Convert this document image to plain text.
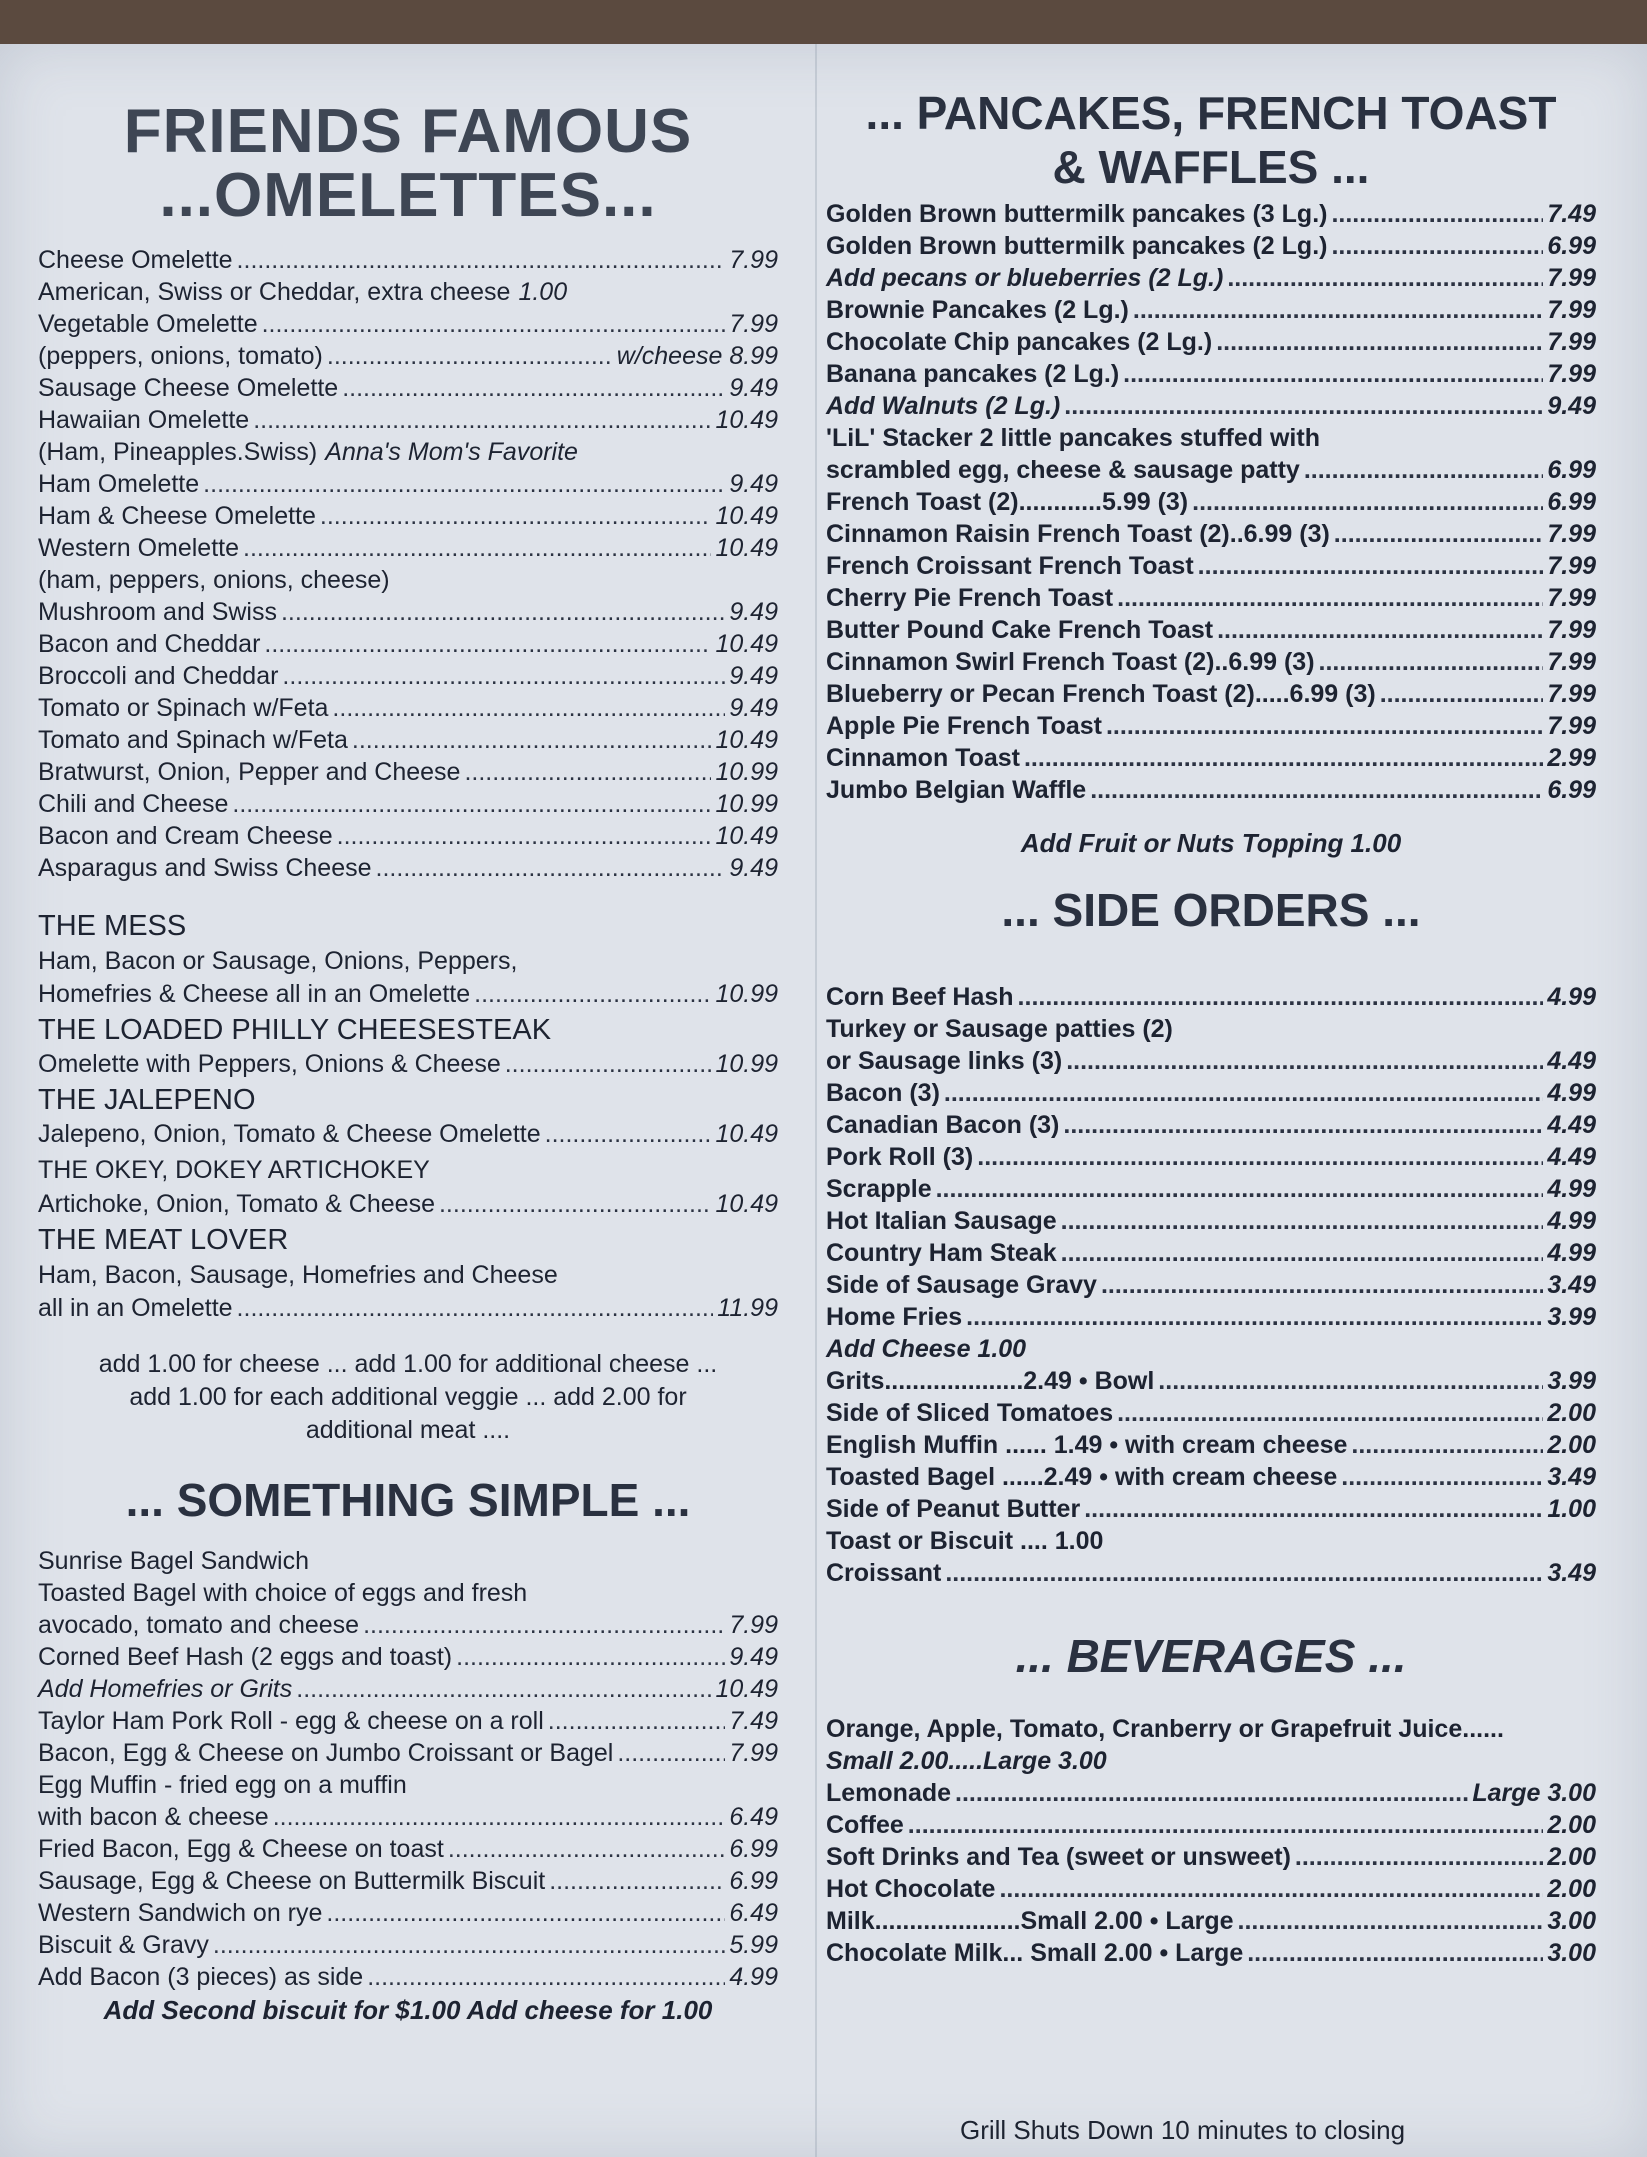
FRIENDS FAMOUS
...OMELETTES...
Cheese Omelette .....	7.99
American, Swiss or Cheddar, extra cheese 1.00
Vegetable Omelette .....	7.99
(peppers, onions, tomato) .....	w/cheese 8.99
Sausage Cheese Omelette .....	9.49
Hawaiian Omelette .....	10.49
(Ham, Pineapples.Swiss) Anna's Mom's Favorite
Ham Omelette .....	9.49
Ham & Cheese Omelette .....	10.49
Western Omelette .....	10.49
(ham, peppers, onions, cheese)
Mushroom and Swiss .....	9.49
Bacon and Cheddar .....	10.49
Broccoli and Cheddar .....	9.49
Tomato or Spinach w/Feta .....	9.49
Tomato and Spinach w/Feta .....	10.49
Bratwurst, Onion, Pepper and Cheese .....	10.99
Chili and Cheese .....	10.99
Bacon and Cream Cheese .....	10.49
Asparagus and Swiss Cheese .....	9.49
THE MESS
Ham, Bacon or Sausage, Onions, Peppers,
Homefries & Cheese all in an Omelette .....	10.99
THE LOADED PHILLY CHEESESTEAK
Omelette with Peppers, Onions & Cheese .....	10.99
THE JALEPENO
Jalepeno, Onion, Tomato & Cheese Omelette .....	10.49
THE OKEY, DOKEY ARTICHOKEY
Artichoke, Onion, Tomato & Cheese .....	10.49
THE MEAT LOVER
Ham, Bacon, Sausage, Homefries and Cheese
all in an Omelette .....	11.99
add 1.00 for cheese ... add 1.00 for additional cheese ...
add 1.00 for each additional veggie ... add 2.00 for
additional meat ....
... SOMETHING SIMPLE ...
Sunrise Bagel Sandwich
Toasted Bagel with choice of eggs and fresh
avocado, tomato and cheese .....	7.99
Corned Beef Hash (2 eggs and toast) .....	9.49
Add Homefries or Grits .....	10.49
Taylor Ham Pork Roll - egg & cheese on a roll .....	7.49
Bacon, Egg & Cheese on Jumbo Croissant or Bagel .....	7.99
Egg Muffin - fried egg on a muffin
with bacon & cheese .....	6.49
Fried Bacon, Egg & Cheese on toast .....	6.99
Sausage, Egg & Cheese on Buttermilk Biscuit .....	6.99
Western Sandwich on rye .....	6.49
Biscuit & Gravy .....	5.99
Add Bacon (3 pieces) as side .....	4.99
Add Second biscuit for $1.00 Add cheese for 1.00
... PANCAKES, FRENCH TOAST
& WAFFLES ...
Golden Brown buttermilk pancakes (3 Lg.) .....	7.49
Golden Brown buttermilk pancakes (2 Lg.) .....	6.99
Add pecans or blueberries (2 Lg.) .....	7.99
Brownie Pancakes (2 Lg.) .....	7.99
Chocolate Chip pancakes (2 Lg.) .....	7.99
Banana pancakes (2 Lg.) .....	7.99
Add Walnuts (2 Lg.) .....	9.49
'LiL' Stacker 2 little pancakes stuffed with
scrambled egg, cheese & sausage patty .....	6.99
French Toast (2)............5.99 (3) .....	6.99
Cinnamon Raisin French Toast (2)..6.99 (3) .....	7.99
French Croissant French Toast .....	7.99
Cherry Pie French Toast .....	7.99
Butter Pound Cake French Toast .....	7.99
Cinnamon Swirl French Toast (2)..6.99 (3) .....	7.99
Blueberry or Pecan French Toast (2).....6.99 (3) .....	7.99
Apple Pie French Toast .....	7.99
Cinnamon Toast .....	2.99
Jumbo Belgian Waffle .....	6.99
Add Fruit or Nuts Topping 1.00
... SIDE ORDERS ...
Corn Beef Hash .....	4.99
Turkey or Sausage patties (2)
or Sausage links (3) .....	4.49
Bacon (3) .....	4.99
Canadian Bacon (3) .....	4.49
Pork Roll (3) .....	4.49
Scrapple .....	4.99
Hot Italian Sausage .....	4.99
Country Ham Steak .....	4.99
Side of Sausage Gravy .....	3.49
Home Fries .....	3.99
Add Cheese 1.00
Grits....................2.49 • Bowl .....	3.99
Side of Sliced Tomatoes .....	2.00
English Muffin ...... 1.49 • with cream cheese .....	2.00
Toasted Bagel ......2.49 • with cream cheese .....	3.49
Side of Peanut Butter .....	1.00
Toast or Biscuit .... 1.00
Croissant .....	3.49
... BEVERAGES ...
Orange, Apple, Tomato, Cranberry or Grapefruit Juice......
Small 2.00.....Large 3.00
Lemonade .....	Large 3.00
Coffee .....	2.00
Soft Drinks and Tea (sweet or unsweet) .....	2.00
Hot Chocolate .....	2.00
Milk.....................Small 2.00 • Large .....	3.00
Chocolate Milk... Small 2.00 • Large .....	3.00
Grill Shuts Down 10 minutes to closing
